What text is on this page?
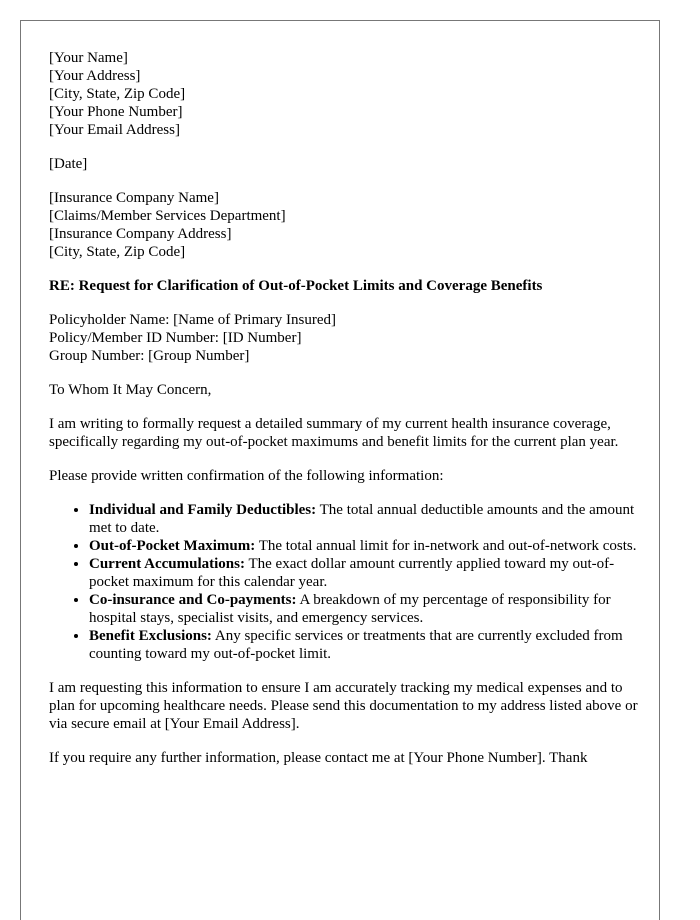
[Your Name]
[Your Address]
[City, State, Zip Code]
[Your Phone Number]
[Your Email Address]
[Date]
[Insurance Company Name]
[Claims/Member Services Department]
[Insurance Company Address]
[City, State, Zip Code]
RE: Request for Clarification of Out-of-Pocket Limits and Coverage Benefits
Policyholder Name: [Name of Primary Insured]
Policy/Member ID Number: [ID Number]
Group Number: [Group Number]

To Whom It May Concern,

I am writing to formally request a detailed summary of my current health insurance coverage, specifically regarding my out-of-pocket maximums and benefit limits for the current plan year.

Please provide written confirmation of the following information:

• Individual and Family Deductibles: The total annual deductible amounts and the amount met to date.
• Out-of-Pocket Maximum: The total annual limit for in-network and out-of-network costs.
• Current Accumulations: The exact dollar amount currently applied toward my out-of-pocket maximum for this calendar year.
• Co-insurance and Co-payments: A breakdown of my percentage of responsibility for hospital stays, specialist visits, and emergency services.
• Benefit Exclusions: Any specific services or treatments that are currently excluded from counting toward my out-of-pocket limit.

I am requesting this information to ensure I am accurately tracking my medical expenses and to plan for upcoming healthcare needs. Please send this documentation to my address listed above or via secure email at [Your Email Address].

If you require any further information, please contact me at [Your Phone Number]. Thank
